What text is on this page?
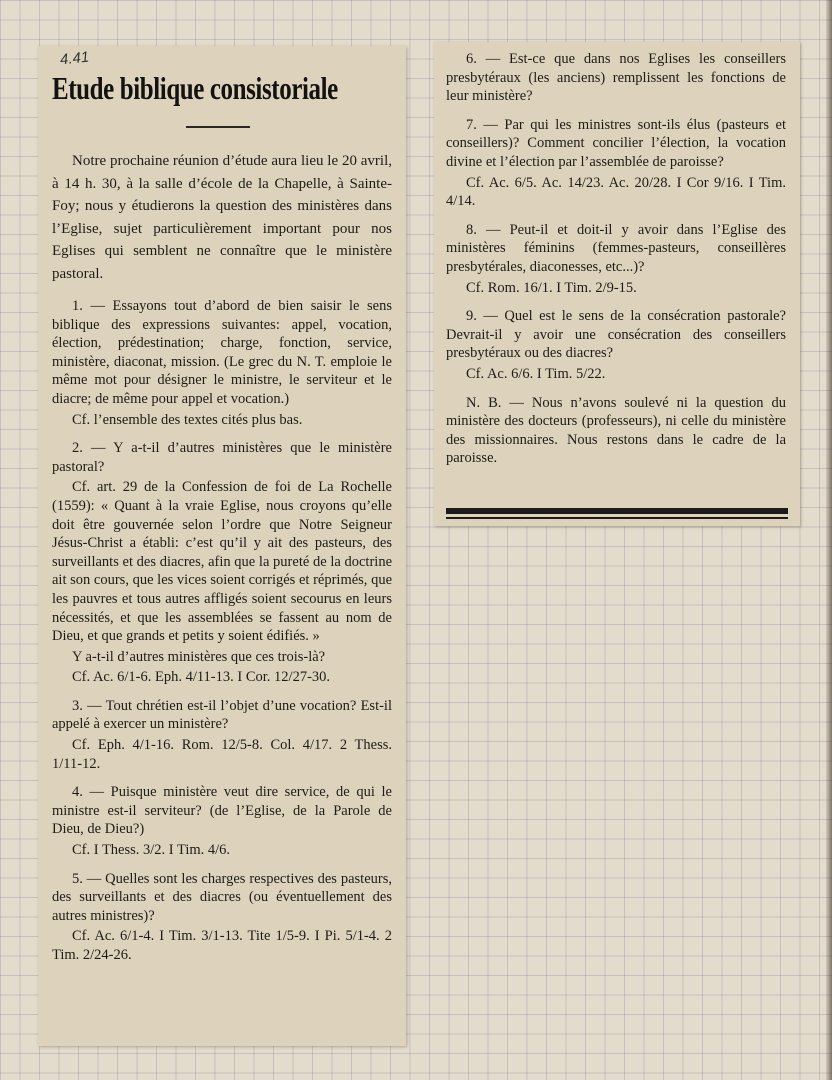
4.41
Etude biblique consistoriale

Notre prochaine réunion d’étude aura lieu le 20 avril, à 14 h. 30, à la salle d’école de la Chapelle, à Sainte-Foy; nous y étudierons la question des ministères dans l’Eglise, sujet particulièrement important pour nos Eglises qui semblent ne connaître que le ministère pastoral.

1. — Essayons tout d’abord de bien saisir le sens biblique des expressions suivantes: appel, vocation, élection, prédestination; charge, fonction, service, ministère, diaconat, mission. (Le grec du N. T. emploie le même mot pour désigner le ministre, le serviteur et le diacre; de même pour appel et vocation.)

Cf. l’ensemble des textes cités plus bas.

2. — Y a-t-il d’autres ministères que le ministère pastoral?

Cf. art. 29 de la Confession de foi de La Rochelle (1559): « Quant à la vraie Eglise, nous croyons qu’elle doit être gouvernée selon l’ordre que Notre Seigneur Jésus-Christ a établi: c’est qu’il y ait des pasteurs, des surveillants et des diacres, afin que la pureté de la doctrine ait son cours, que les vices soient corrigés et réprimés, que les pauvres et tous autres affligés soient secourus en leurs nécessités, et que les assemblées se fassent au nom de Dieu, et que grands et petits y soient édifiés. »

Y a-t-il d’autres ministères que ces trois-là?

Cf. Ac. 6/1-6. Eph. 4/11-13. I Cor. 12/27-30.

3. — Tout chrétien est-il l’objet d’une vocation? Est-il appelé à exercer un ministère?

Cf. Eph. 4/1-16. Rom. 12/5-8. Col. 4/17. 2 Thess. 1/11-12.

4. — Puisque ministère veut dire service, de qui le ministre est-il serviteur? (de l’Eglise, de la Parole de Dieu, de Dieu?)

Cf. I Thess. 3/2. I Tim. 4/6.

5. — Quelles sont les charges respectives des pasteurs, des surveillants et des diacres (ou éventuellement des autres ministres)?

Cf. Ac. 6/1-4. I Tim. 3/1-13. Tite 1/5-9. I Pi. 5/1-4. 2 Tim. 2/24-26.

6. — Est-ce que dans nos Eglises les conseillers presbytéraux (les anciens) remplissent les fonctions de leur ministère?

7. — Par qui les ministres sont-ils élus (pasteurs et conseillers)? Comment concilier l’élection, la vocation divine et l’élection par l’assemblée de paroisse?

Cf. Ac. 6/5. Ac. 14/23. Ac. 20/28. I Cor 9/16. I Tim. 4/14.

8. — Peut-il et doit-il y avoir dans l’Eglise des ministères féminins (femmes-pasteurs, conseillères presbytérales, diaconesses, etc...)?

Cf. Rom. 16/1. I Tim. 2/9-15.

9. — Quel est le sens de la consécration pastorale? Devrait-il y avoir une consécration des conseillers presbytéraux ou des diacres?

Cf. Ac. 6/6. I Tim. 5/22.

N. B. — Nous n’avons soulevé ni la question du ministère des docteurs (professeurs), ni celle du ministère des missionnaires. Nous restons dans le cadre de la paroisse.
